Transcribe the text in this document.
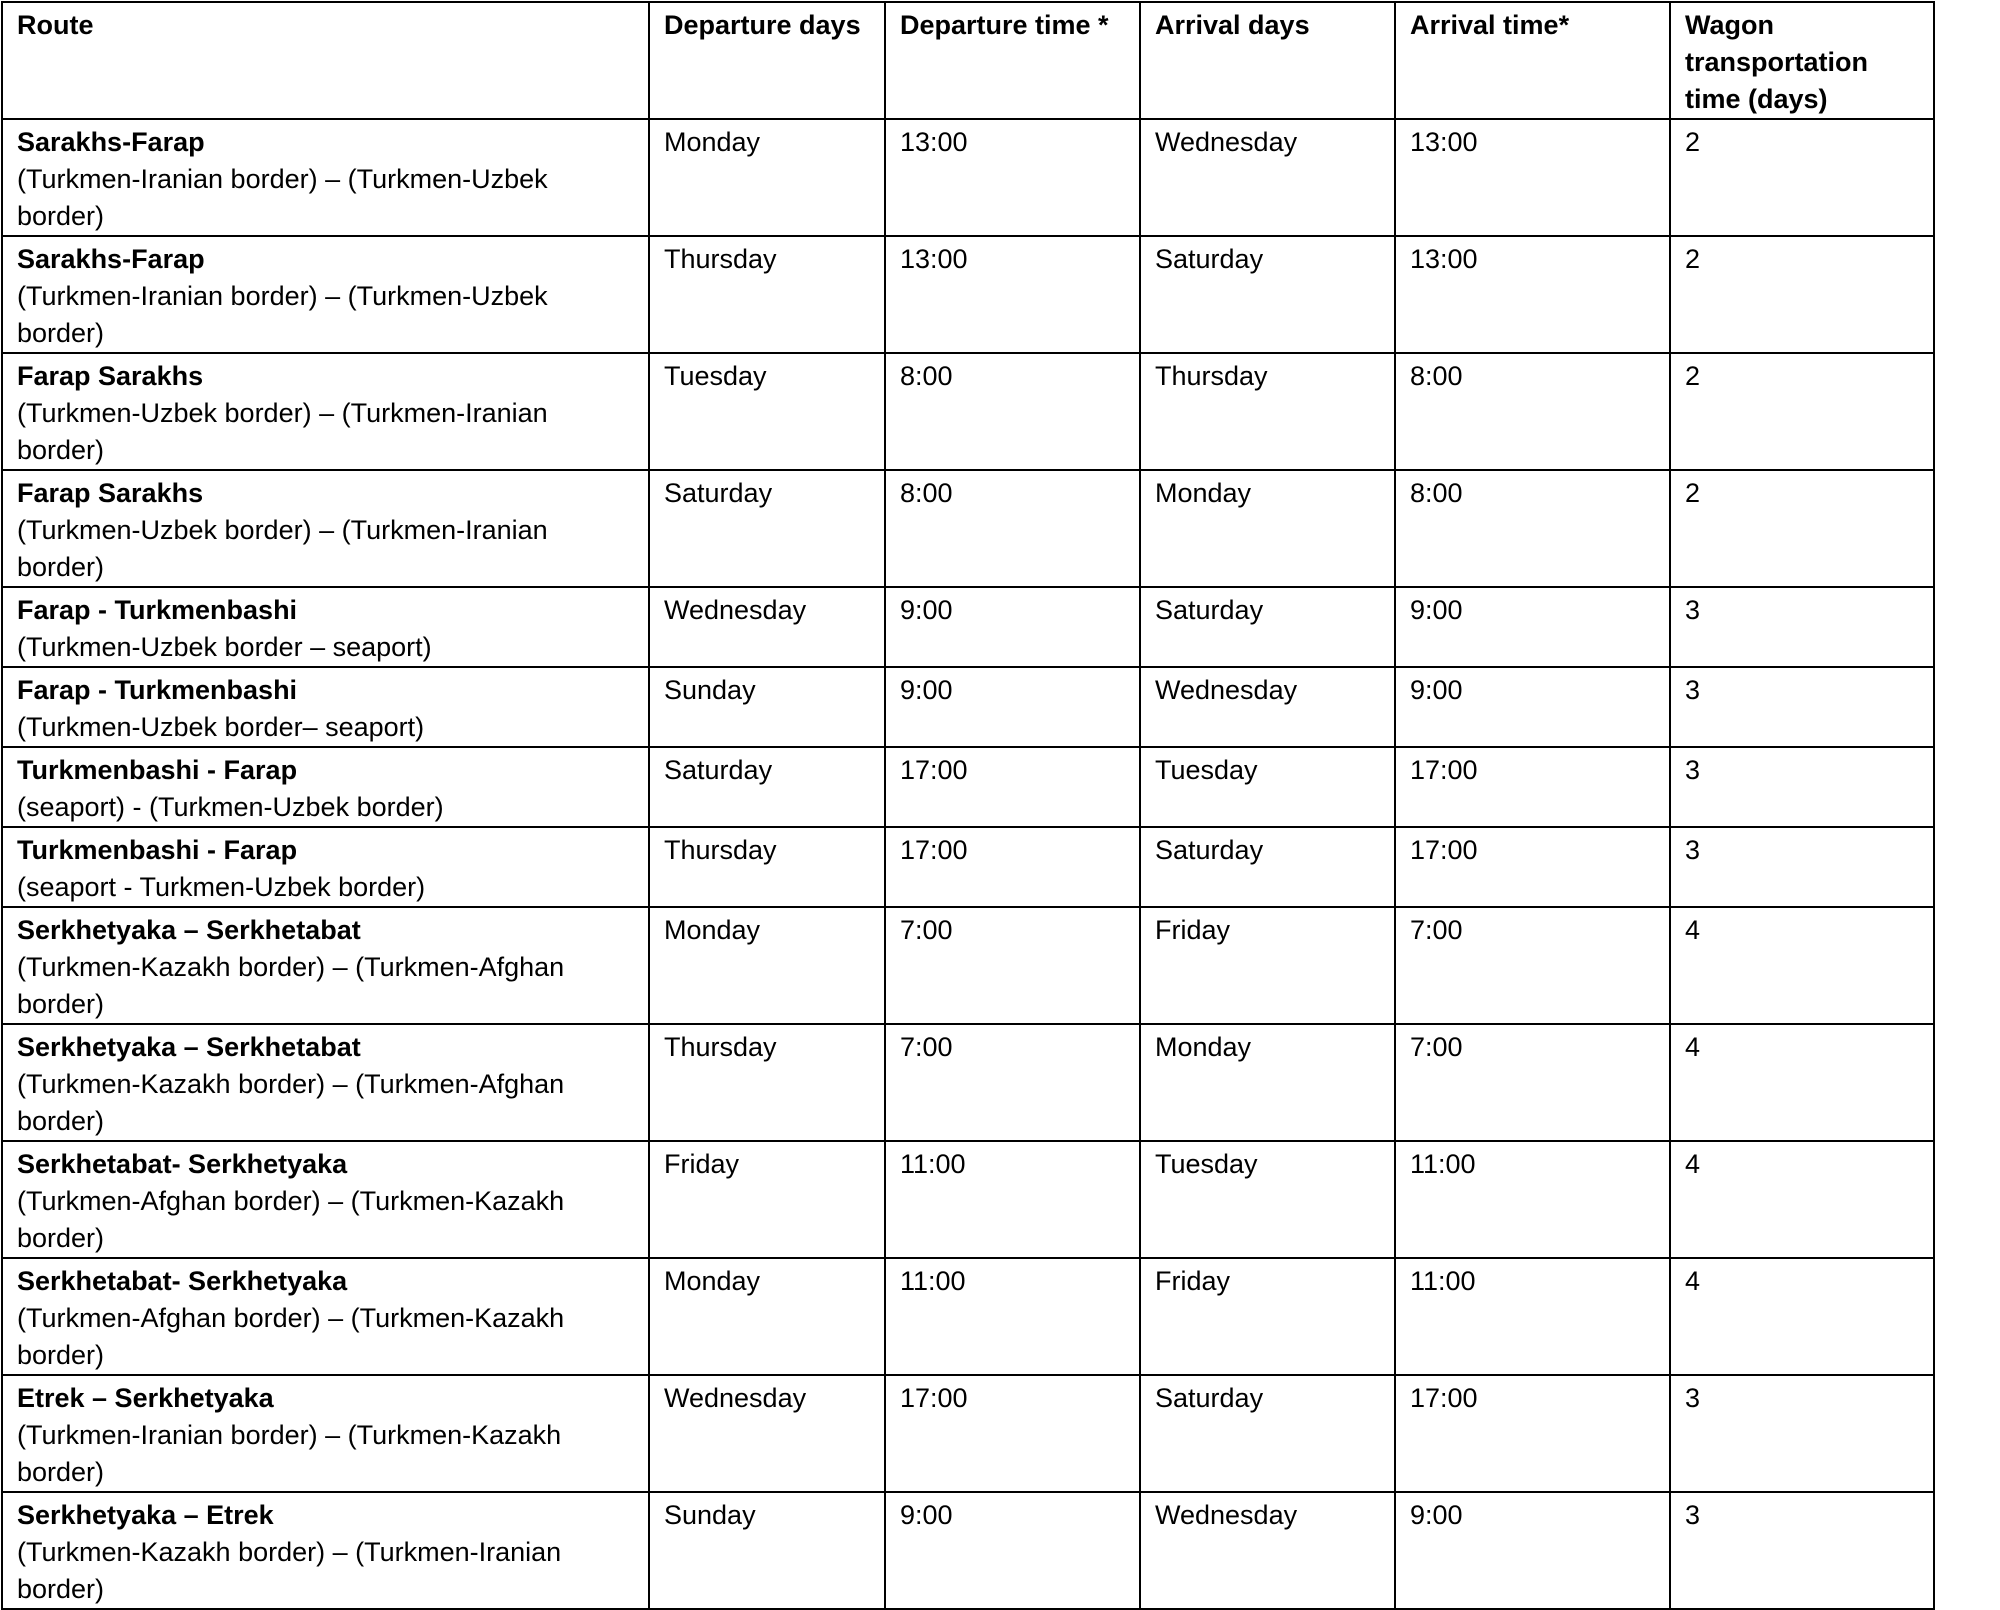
Route	Departure days	Departure time *	Arrival days	Arrival time*	Wagon transportation time (days)

Sarakhs-Farap
(Turkmen-Iranian border) – (Turkmen-Uzbek border)	Monday	13:00	Wednesday	13:00	2

Sarakhs-Farap
(Turkmen-Iranian border) – (Turkmen-Uzbek border)	Thursday	13:00	Saturday	13:00	2

Farap Sarakhs
(Turkmen-Uzbek border) – (Turkmen-Iranian border)	Tuesday	8:00	Thursday	8:00	2

Farap Sarakhs
(Turkmen-Uzbek border) – (Turkmen-Iranian border)	Saturday	8:00	Monday	8:00	2

Farap - Turkmenbashi
(Turkmen-Uzbek border – seaport)	Wednesday	9:00	Saturday	9:00	3

Farap - Turkmenbashi
(Turkmen-Uzbek border– seaport)	Sunday	9:00	Wednesday	9:00	3

Turkmenbashi - Farap
(seaport) - (Turkmen-Uzbek border)	Saturday	17:00	Tuesday	17:00	3

Turkmenbashi - Farap
(seaport - Turkmen-Uzbek border)	Thursday	17:00	Saturday	17:00	3

Serkhetyaka – Serkhetabat
(Turkmen-Kazakh border) – (Turkmen-Afghan border)	Monday	7:00	Friday	7:00	4

Serkhetyaka – Serkhetabat
(Turkmen-Kazakh border) – (Turkmen-Afghan border)	Thursday	7:00	Monday	7:00	4

Serkhetabat- Serkhetyaka
(Turkmen-Afghan border) – (Turkmen-Kazakh border)	Friday	11:00	Tuesday	11:00	4

Serkhetabat- Serkhetyaka
(Turkmen-Afghan border) – (Turkmen-Kazakh border)	Monday	11:00	Friday	11:00	4

Etrek – Serkhetyaka
(Turkmen-Iranian border) – (Turkmen-Kazakh border)	Wednesday	17:00	Saturday	17:00	3

Serkhetyaka – Etrek
(Turkmen-Kazakh border) – (Turkmen-Iranian border)	Sunday	9:00	Wednesday	9:00	3
